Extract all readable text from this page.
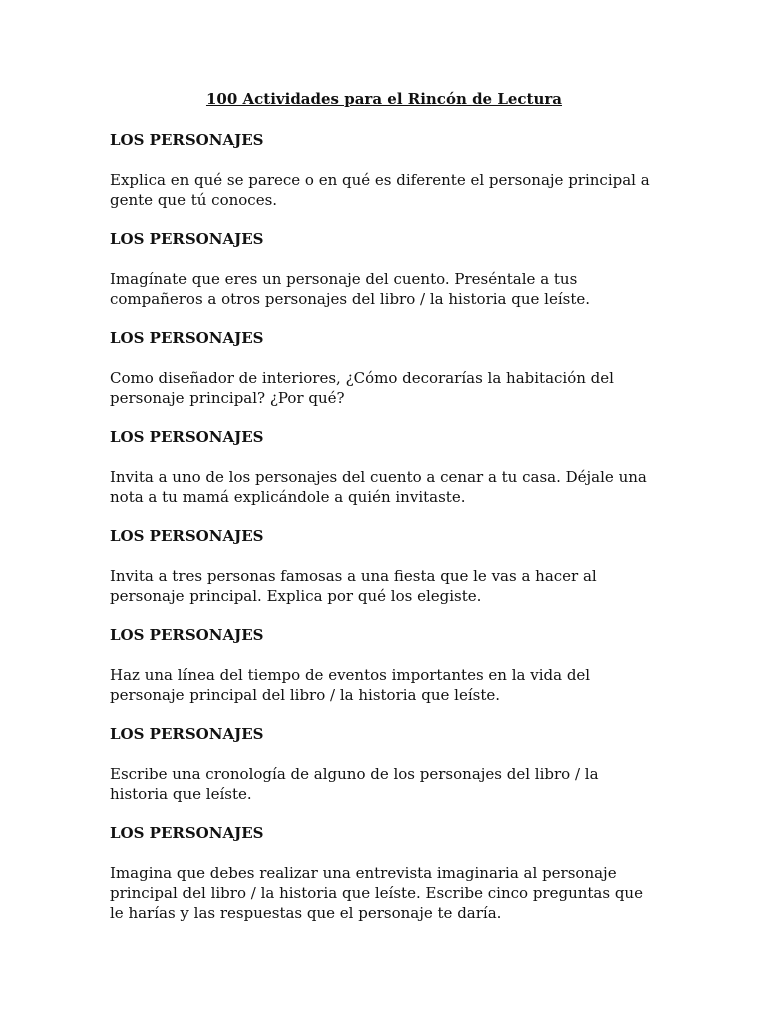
100 Actividades para el Rincón de Lectura
LOS PERSONAJES
Explica en qué se parece o en qué es diferente el personaje principal a
gente que tú conoces.
LOS PERSONAJES
Imagínate que eres un personaje del cuento. Preséntale a tus
compañeros a otros personajes del libro / la historia que leíste.
LOS PERSONAJES
Como diseñador de interiores, ¿Cómo decorarías la habitación del
personaje principal? ¿Por qué?
LOS PERSONAJES
Invita a uno de los personajes del cuento a cenar a tu casa. Déjale una
nota a tu mamá explicándole a quién invitaste.
LOS PERSONAJES
Invita a tres personas famosas a una fiesta que le vas a hacer al
personaje principal. Explica por qué los elegiste.
LOS PERSONAJES
Haz una línea del tiempo de eventos importantes en la vida del
personaje principal del libro / la historia que leíste.
LOS PERSONAJES
Escribe una cronología de alguno de los personajes del libro / la
historia que leíste.
LOS PERSONAJES
Imagina que debes realizar una entrevista imaginaria al personaje
principal del libro / la historia que leíste. Escribe cinco preguntas que
le harías y las respuestas que el personaje te daría.
